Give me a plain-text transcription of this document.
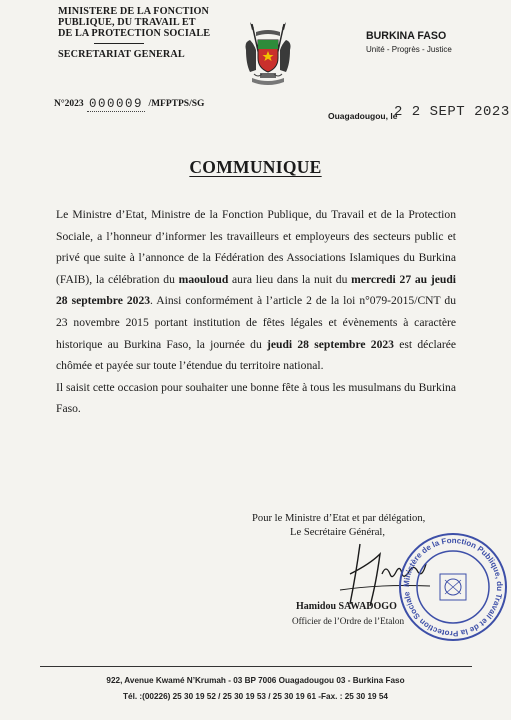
MINISTERE DE LA FONCTION
PUBLIQUE, DU TRAVAIL ET
DE LA PROTECTION SOCIALE
SECRETARIAT GENERAL
BURKINA FASO
Unité - Progrès - Justice
N°2023 000009 /MFPTPS/SG
Ouagadougou, le
2 2 SEPT 2023
COMMUNIQUE

Le Ministre d’Etat, Ministre de la Fonction Publique, du Travail et de la Protection Sociale, a l’honneur d’informer les travailleurs et employeurs des secteurs public et privé que suite à l’annonce de la Fédération des Associations Islamiques du Burkina (FAIB), la célébration du maouloud aura lieu dans la nuit du mercredi 27 au jeudi 28 septembre 2023. Ainsi conformément à l’article 2 de la loi n°079-2015/CNT du 23 novembre 2015 portant institution de fêtes légales et évènements à caractère historique au Burkina Faso, la journée du jeudi 28 septembre 2023 est déclarée chômée et payée sur toute l’étendue du territoire national.

Il saisit cette occasion pour souhaiter une bonne fête à tous les musulmans du Burkina Faso.

Pour le Ministre d’Etat et par délégation,
Le Secrétaire Général,
Hamidou SAWADOGO
Officier de l’Ordre de l’Etalon
Ministère de la Fonction Publique, du Travail et de la Protection Sociale
922, Avenue Kwamé N’Krumah - 03 BP 7006 Ouagadougou 03 - Burkina Faso
Tél. :(00226) 25 30 19 52 / 25 30 19 53 / 25 30 19 61 -Fax. : 25 30 19 54
